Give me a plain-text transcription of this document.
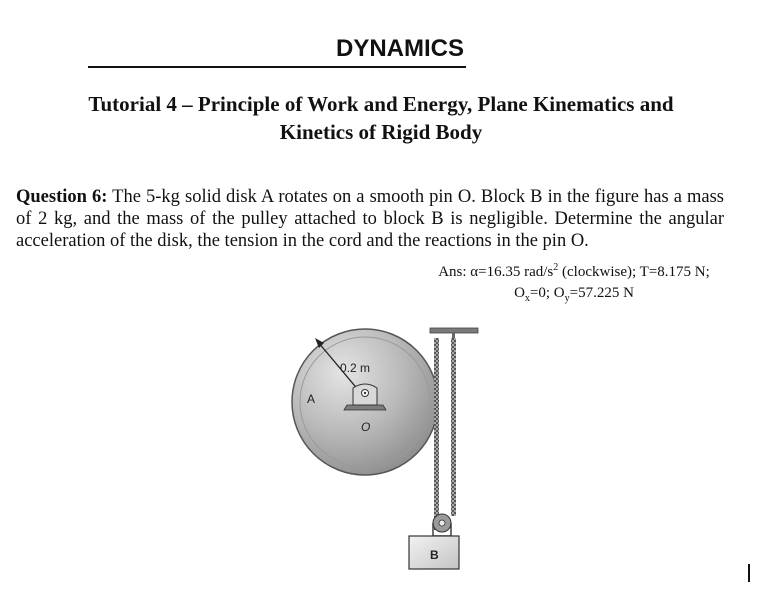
DYNAMICS
Tutorial 4 – Principle of Work and Energy, Plane Kinematics and
Kinetics of Rigid Body
Question 6: The 5-kg solid disk A rotates on a smooth pin O. Block B in the figure has a mass of 2 kg, and the mass of the pulley attached to block B is negligible. Determine the angular acceleration of the disk, the tension in the cord and the reactions in the pin O.
Ans: α=16.35 rad/$s^2$ (clockwise); T=8.175 N;
$O_x=0$; $O_y=57.225$ N
0.2 m
A
O
B
